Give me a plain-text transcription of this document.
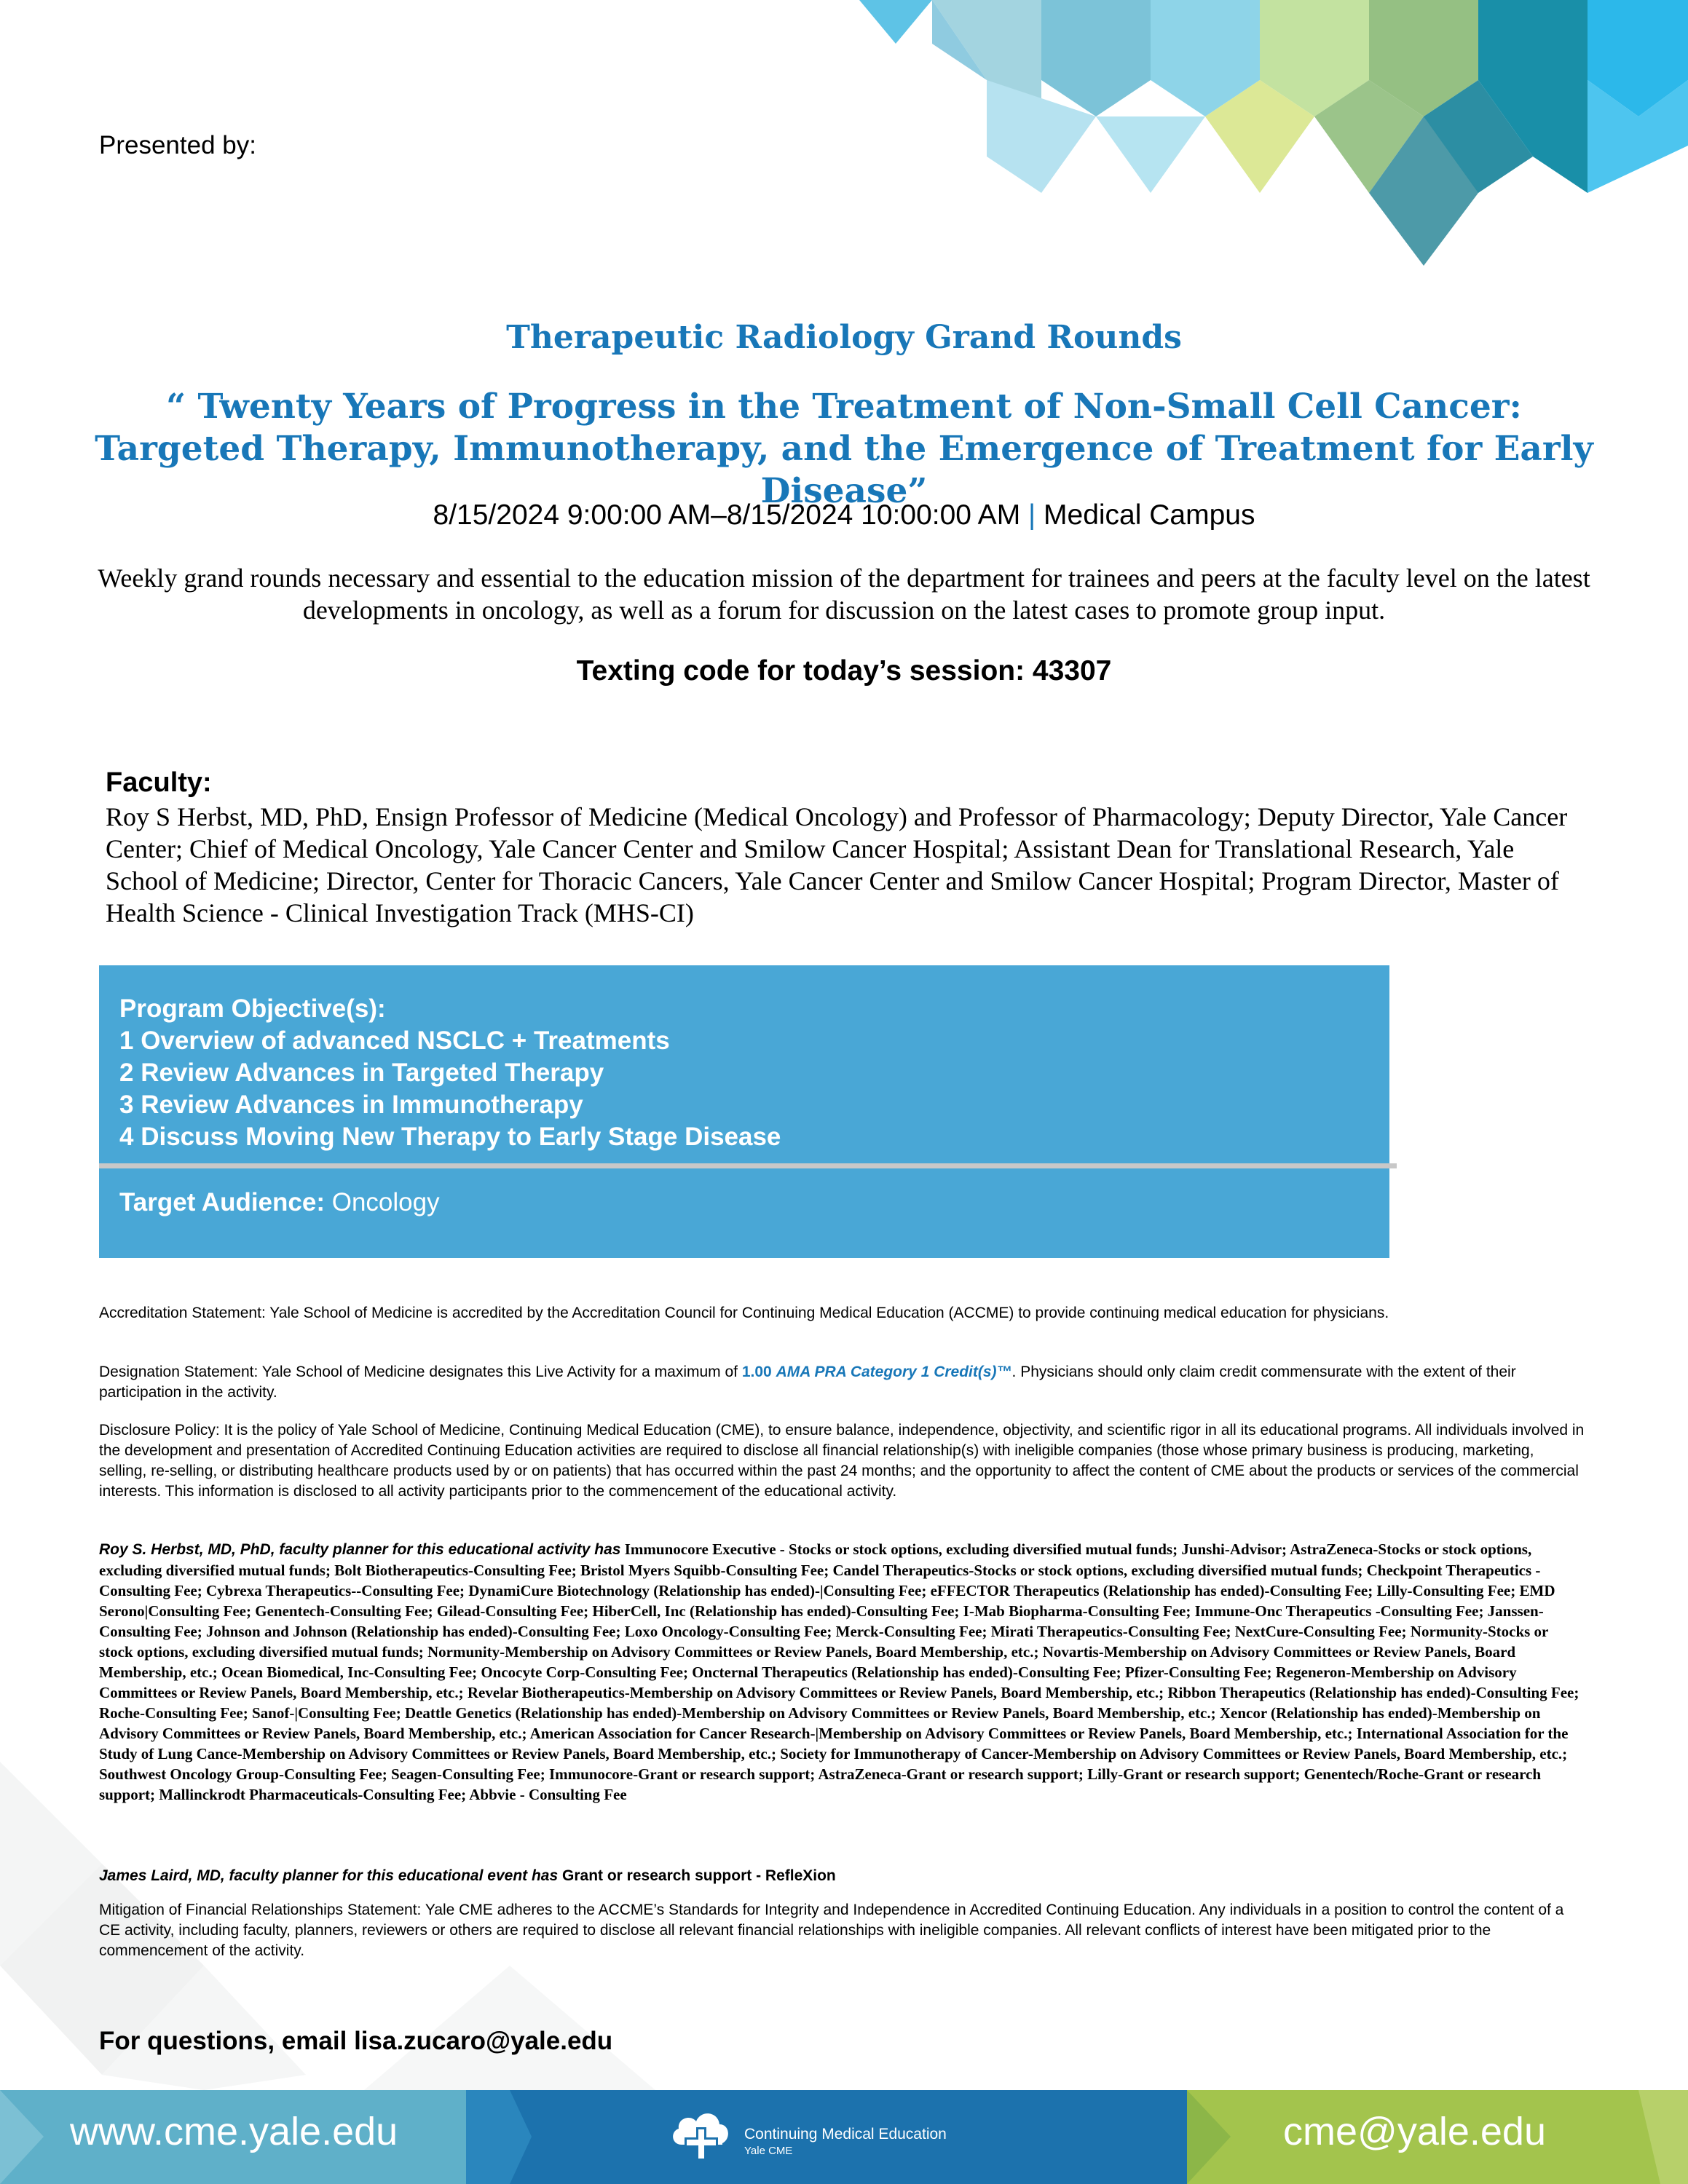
Presented by:
Therapeutic Radiology Grand Rounds
“ Twenty Years of Progress in the Treatment of Non-Small Cell Cancer: Targeted Therapy, Immunotherapy, and the Emergence of Treatment for Early Disease”
8/15/2024 9:00:00 AM–8/15/2024 10:00:00 AM | Medical Campus
Weekly grand rounds necessary and essential to the education mission of the department for trainees and peers at the faculty level on the latest developments in oncology, as well as a forum for discussion on the latest cases to promote group input.
Texting code for today’s session: 43307
Faculty:
Roy S Herbst, MD, PhD, Ensign Professor of Medicine (Medical Oncology) and Professor of Pharmacology; Deputy Director, Yale Cancer Center; Chief of Medical Oncology, Yale Cancer Center and Smilow Cancer Hospital; Assistant Dean for Translational Research, Yale School of Medicine; Director, Center for Thoracic Cancers, Yale Cancer Center and Smilow Cancer Hospital; Program Director, Master of Health Science - Clinical Investigation Track (MHS-CI)
Program Objective(s):
1 Overview of advanced NSCLC + Treatments
2 Review Advances in Targeted Therapy
3 Review Advances in Immunotherapy
4 Discuss Moving New Therapy to Early Stage Disease
Target Audience: Oncology
Accreditation Statement: Yale School of Medicine is accredited by the Accreditation Council for Continuing Medical Education (ACCME) to provide continuing medical education for physicians.
Designation Statement: Yale School of Medicine designates this Live Activity for a maximum of 1.00 AMA PRA Category 1 Credit(s)™. Physicians should only claim credit commensurate with the extent of their participation in the activity.
Disclosure Policy: It is the policy of Yale School of Medicine, Continuing Medical Education (CME), to ensure balance, independence, objectivity, and scientific rigor in all its educational programs. All individuals involved in the development and presentation of Accredited Continuing Education activities are required to disclose all financial relationship(s) with ineligible companies (those whose primary business is producing, marketing, selling, re-selling, or distributing healthcare products used by or on patients) that has occurred within the past 24 months; and the opportunity to affect the content of CME about the products or services of the commercial interests. This information is disclosed to all activity participants prior to the commencement of the educational activity.
Roy S. Herbst, MD, PhD, faculty planner for this educational activity has Immunocore Executive - Stocks or stock options, excluding diversified mutual funds; Junshi-Advisor; AstraZeneca-Stocks or stock options, excluding diversified mutual funds; Bolt Biotherapeutics-Consulting Fee; Bristol Myers Squibb-Consulting Fee; Candel Therapeutics-Stocks or stock options, excluding diversified mutual funds; Checkpoint Therapeutics - Consulting Fee; Cybrexa Therapeutics--Consulting Fee; DynamiCure Biotechnology (Relationship has ended)-|Consulting Fee; eFFECTOR Therapeutics (Relationship has ended)-Consulting Fee; Lilly-Consulting Fee; EMD Serono|Consulting Fee; Genentech-Consulting Fee; Gilead-Consulting Fee; HiberCell, Inc (Relationship has ended)-Consulting Fee; I-Mab Biopharma-Consulting Fee; Immune-Onc Therapeutics -Consulting Fee; Janssen-Consulting Fee; Johnson and Johnson (Relationship has ended)-Consulting Fee; Loxo Oncology-Consulting Fee; Merck-Consulting Fee; Mirati Therapeutics-Consulting Fee; NextCure-Consulting Fee; Normunity-Stocks or stock options, excluding diversified mutual funds; Normunity-Membership on Advisory Committees or Review Panels, Board Membership, etc.; Novartis-Membership on Advisory Committees or Review Panels, Board Membership, etc.; Ocean Biomedical, Inc-Consulting Fee; Oncocyte Corp-Consulting Fee; Oncternal Therapeutics (Relationship has ended)-Consulting Fee; Pfizer-Consulting Fee; Regeneron-Membership on Advisory Committees or Review Panels, Board Membership, etc.; Revelar Biotherapeutics-Membership on Advisory Committees or Review Panels, Board Membership, etc.; Ribbon Therapeutics (Relationship has ended)-Consulting Fee; Roche-Consulting Fee; Sanof-|Consulting Fee; Deattle Genetics (Relationship has ended)-Membership on Advisory Committees or Review Panels, Board Membership, etc.; Xencor (Relationship has ended)-Membership on Advisory Committees or Review Panels, Board Membership, etc.; American Association for Cancer Research-|Membership on Advisory Committees or Review Panels, Board Membership, etc.; International Association for the Study of Lung Cance-Membership on Advisory Committees or Review Panels, Board Membership, etc.; Society for Immunotherapy of Cancer-Membership on Advisory Committees or Review Panels, Board Membership, etc.; Southwest Oncology Group-Consulting Fee; Seagen-Consulting Fee; Immunocore-Grant or research support; AstraZeneca-Grant or research support; Lilly-Grant or research support; Genentech/Roche-Grant or research support; Mallinckrodt Pharmaceuticals-Consulting Fee; Abbvie - Consulting Fee
James Laird, MD, faculty planner for this educational event has Grant or research support - RefleXion
Mitigation of Financial Relationships Statement: Yale CME adheres to the ACCME’s Standards for Integrity and Independence in Accredited Continuing Education. Any individuals in a position to control the content of a CE activity, including faculty, planners, reviewers or others are required to disclose all relevant financial relationships with ineligible companies. All relevant conflicts of interest have been mitigated prior to the commencement of the activity.
For questions, email lisa.zucaro@yale.edu
www.cme.yale.edu	Continuing Medical Education
Yale CME	cme@yale.edu
